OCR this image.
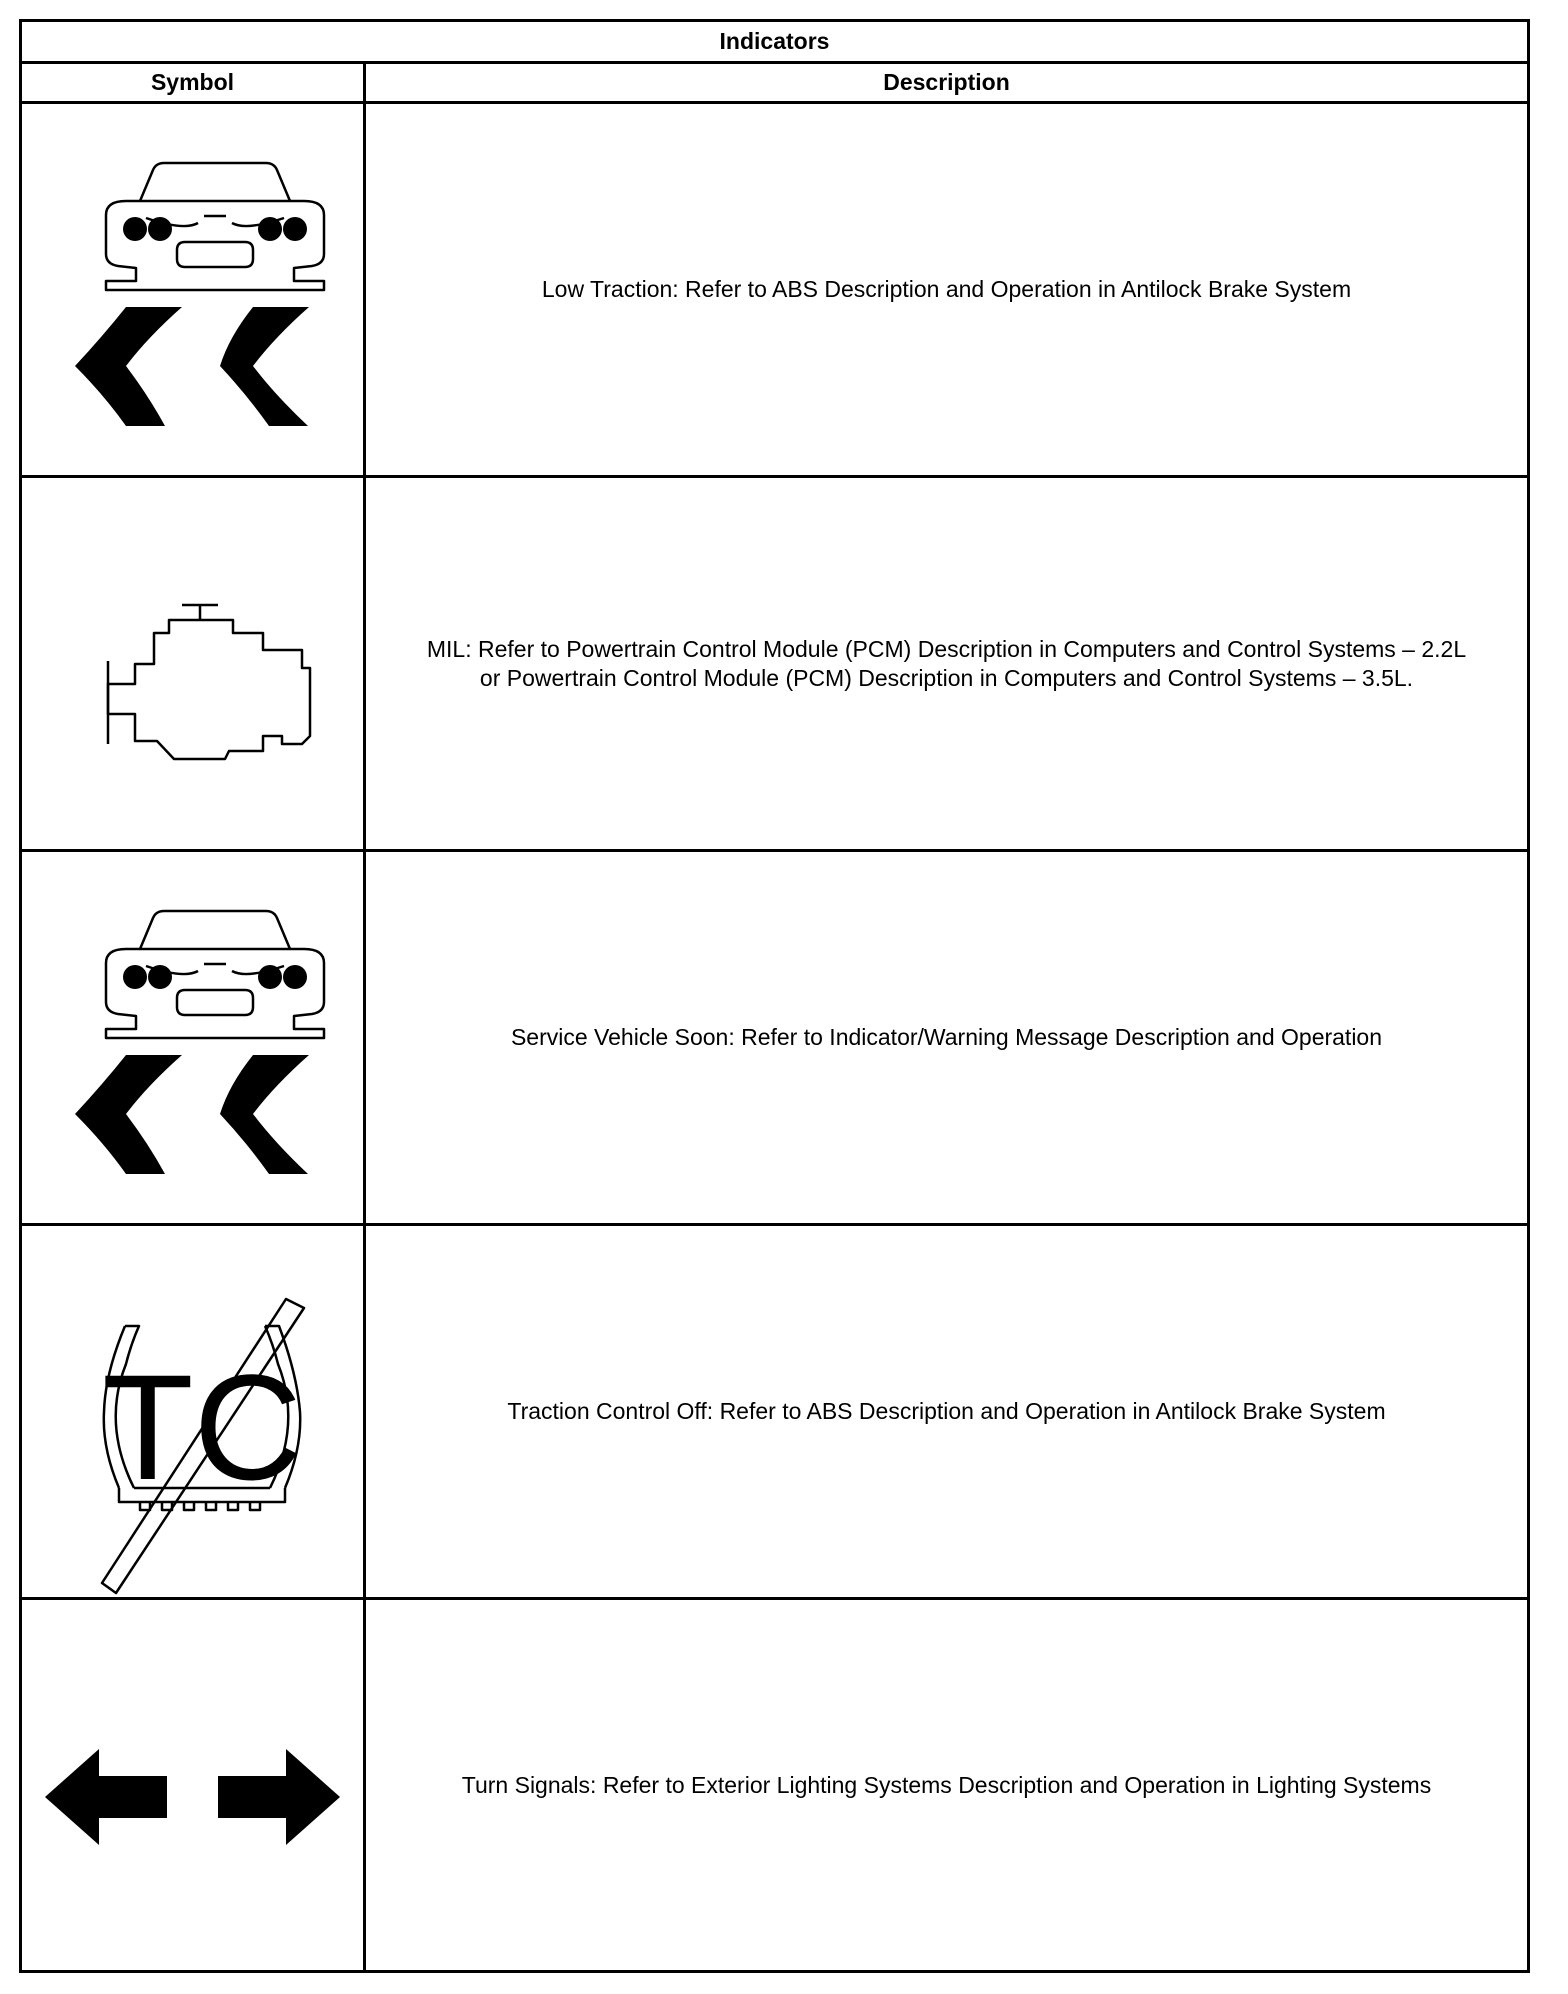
Indicators
Symbol	Description
Low Traction: Refer to ABS Description and Operation in Antilock Brake System
MIL: Refer to Powertrain Control Module (PCM) Description in Computers and Control Systems – 2.2L
or Powertrain Control Module (PCM) Description in Computers and Control Systems – 3.5L.
Service Vehicle Soon: Refer to Indicator/Warning Message Description and Operation
TC	Traction Control Off: Refer to ABS Description and Operation in Antilock Brake System
Turn Signals: Refer to Exterior Lighting Systems Description and Operation in Lighting Systems
